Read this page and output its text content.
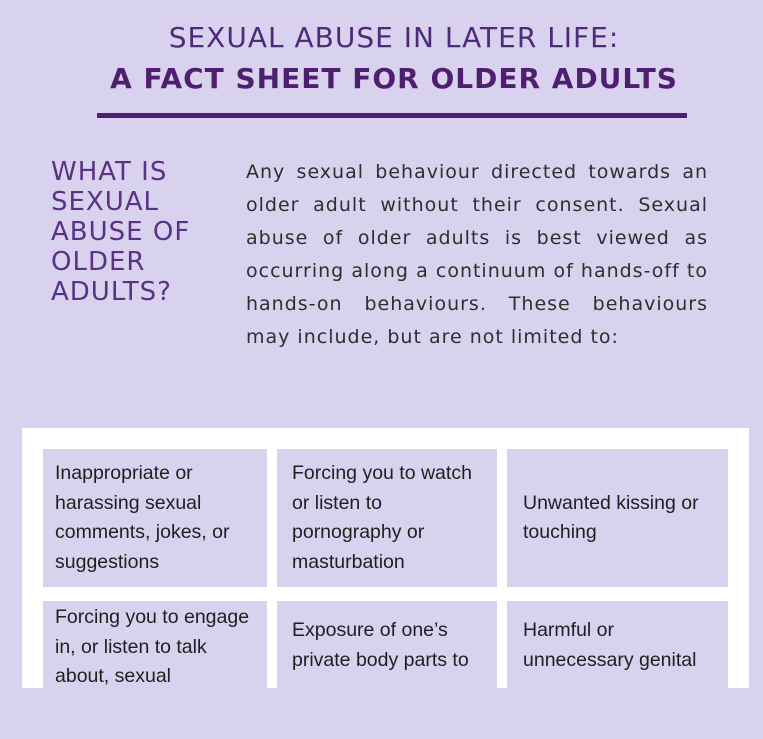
SEXUAL ABUSE IN LATER LIFE:
A FACT SHEET FOR OLDER ADULTS
WHAT IS
SEXUAL
ABUSE OF
OLDER
ADULTS?
Any sexual behaviour directed towards an older adult without their consent. Sexual abuse of older adults is best viewed as occurring along a continuum of hands-off to hands-on behaviours. These behaviours may include, but are not limited to:
Inappropriate or harassing sexual comments, jokes, or suggestions
Forcing you to watch or listen to pornography or masturbation
Unwanted kissing or touching
Forcing you to engage in, or listen to talk about, sexual
Exposure of one’s private body parts to
Harmful or unnecessary genital
